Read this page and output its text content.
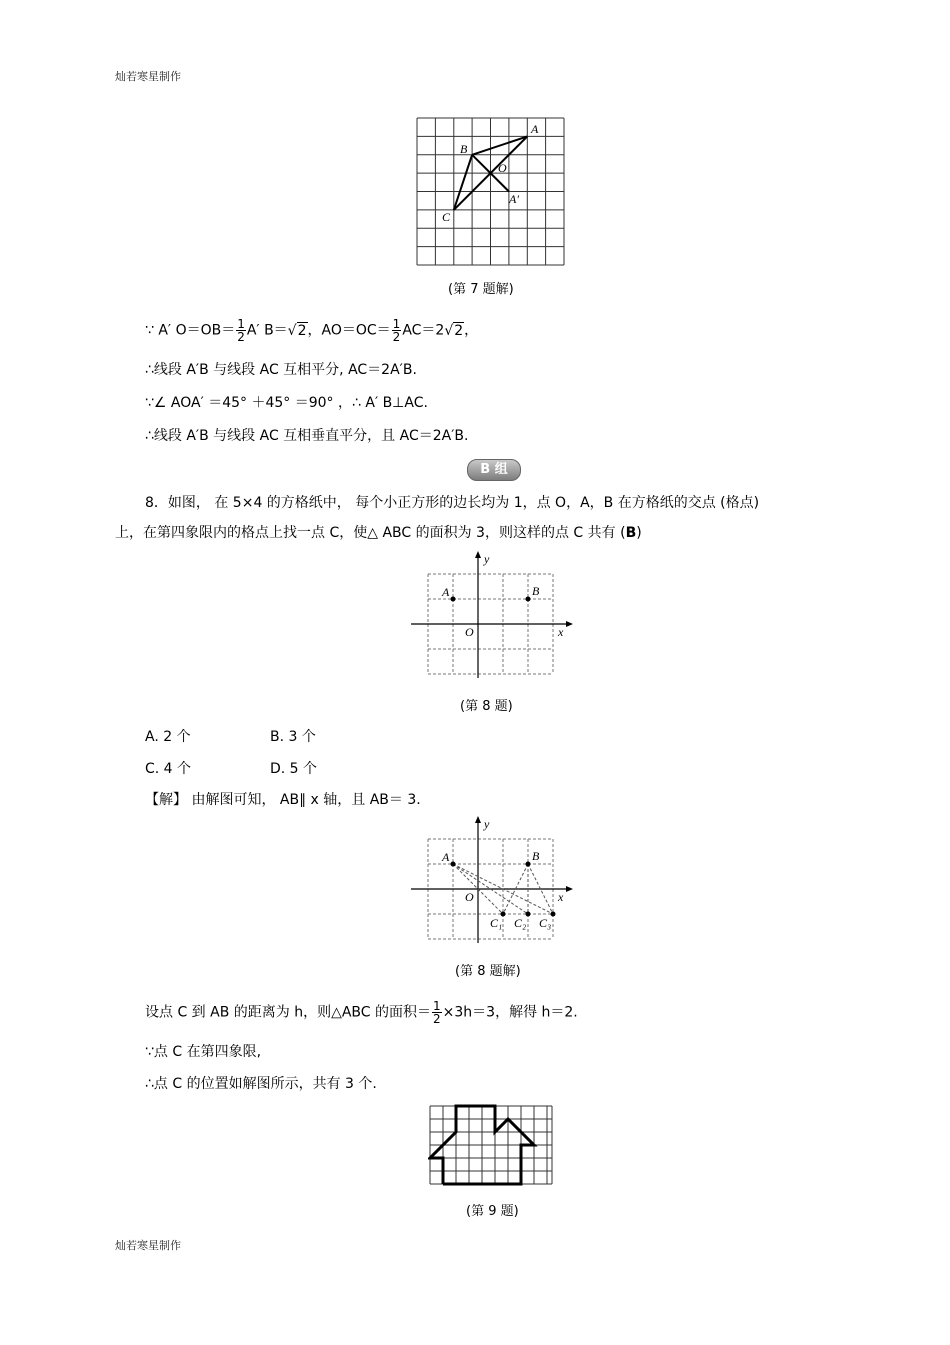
灿若寒星制作
A
B
O
A′
C
(第 7 题解)
∵ A′ $O=OB= \frac{1}{2} A'$ B＝√2，$AO=OC= \frac{1}{2} AC=2√2$，
∴线段 A′B 与线段 AC 互相平分, AC＝2A′B.
∵∠ AOA′ ＝45° ＋45° ＝90° ，∴ A′ B⊥AC.
∴线段 A′B 与线段 AC 互相垂直平分，且 AC＝2A′B.
B 组
8．如图， 在 5×4 的方格纸中， 每个小正方形的边长均为 1，点 O，A，B 在方格纸的交点 (格点)
上，在第四象限内的格点上找一点 C，使△ ABC 的面积为 3，则这样的点 C 共有 (B)
y
x
A	B
O
(第 8 题)
A. 2 个	B. 3 个
C. 4 个	D. 5 个
【解】 由解图可知， AB∥ x 轴，且 AB＝ 3.
y
x
A	B
O
C₁ C₂ C₃
(第 8 题解)
设点 C 到 AB 的距离为 h，则△ABC 的面积＝ $\frac{1}{2} \times 3h=3$，解得 h＝2.
∵点 C 在第四象限,
∴点 C 的位置如解图所示，共有 3 个.
(第 9 题)
灿若寒星制作
